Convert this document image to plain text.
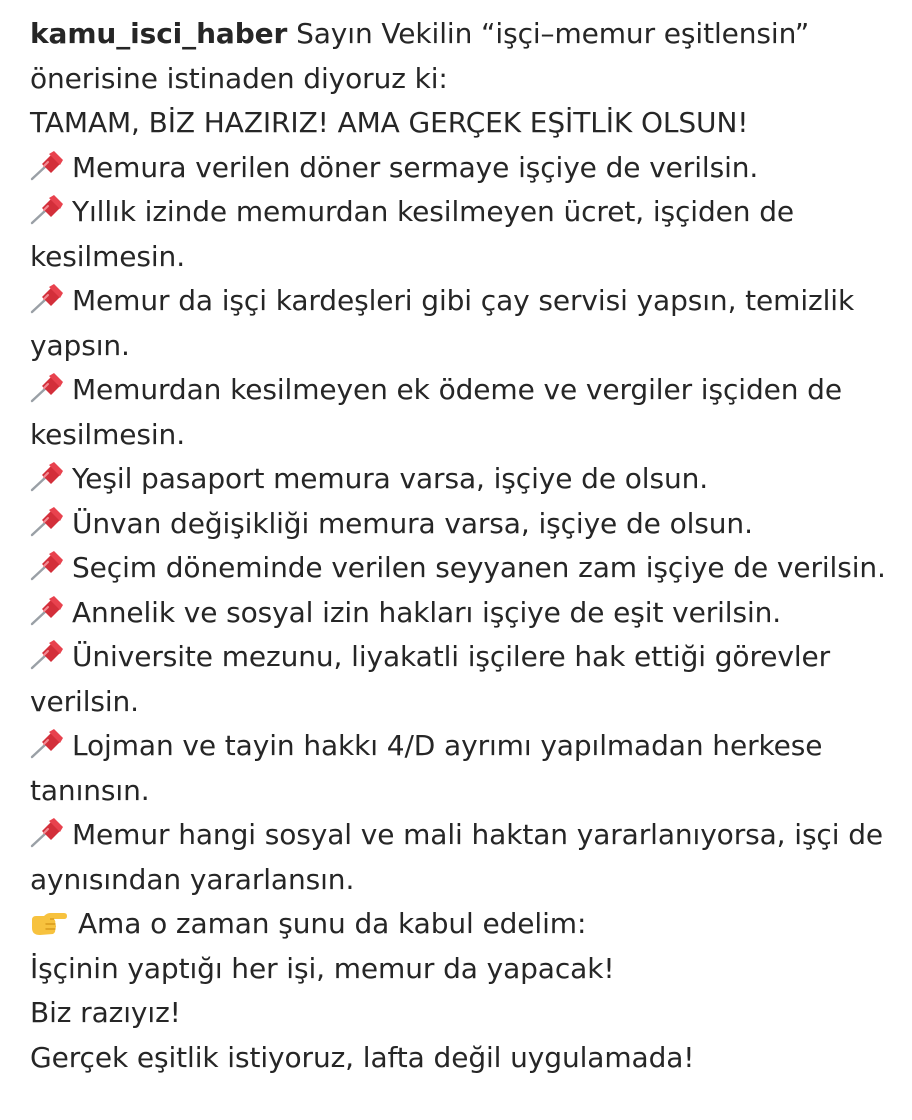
kamu_isci_haber Sayın Vekilin “işçi–memur eşitlensin” önerisine istinaden diyoruz ki:

TAMAM, BİZ HAZIRIZ! AMA GERÇEK EŞİTLİK OLSUN!

Memura verilen döner sermaye işçiye de verilsin.

Yıllık izinde memurdan kesilmeyen ücret, işçiden de kesilmesin.

Memur da işçi kardeşleri gibi çay servisi yapsın, temizlik yapsın.

Memurdan kesilmeyen ek ödeme ve vergiler işçiden de kesilmesin.

Yeşil pasaport memura varsa, işçiye de olsun.

Ünvan değişikliği memura varsa, işçiye de olsun.

Seçim döneminde verilen seyyanen zam işçiye de verilsin.

Annelik ve sosyal izin hakları işçiye de eşit verilsin.

Üniversite mezunu, liyakatli işçilere hak ettiği görevler verilsin.

Lojman ve tayin hakkı 4/D ayrımı yapılmadan herkese tanınsın.

Memur hangi sosyal ve mali haktan yararlanıyorsa, işçi de aynısından yararlansın.

Ama o zaman şunu da kabul edelim:

İşçinin yaptığı her işi, memur da yapacak!

Biz razıyız!

Gerçek eşitlik istiyoruz, lafta değil uygulamada!
